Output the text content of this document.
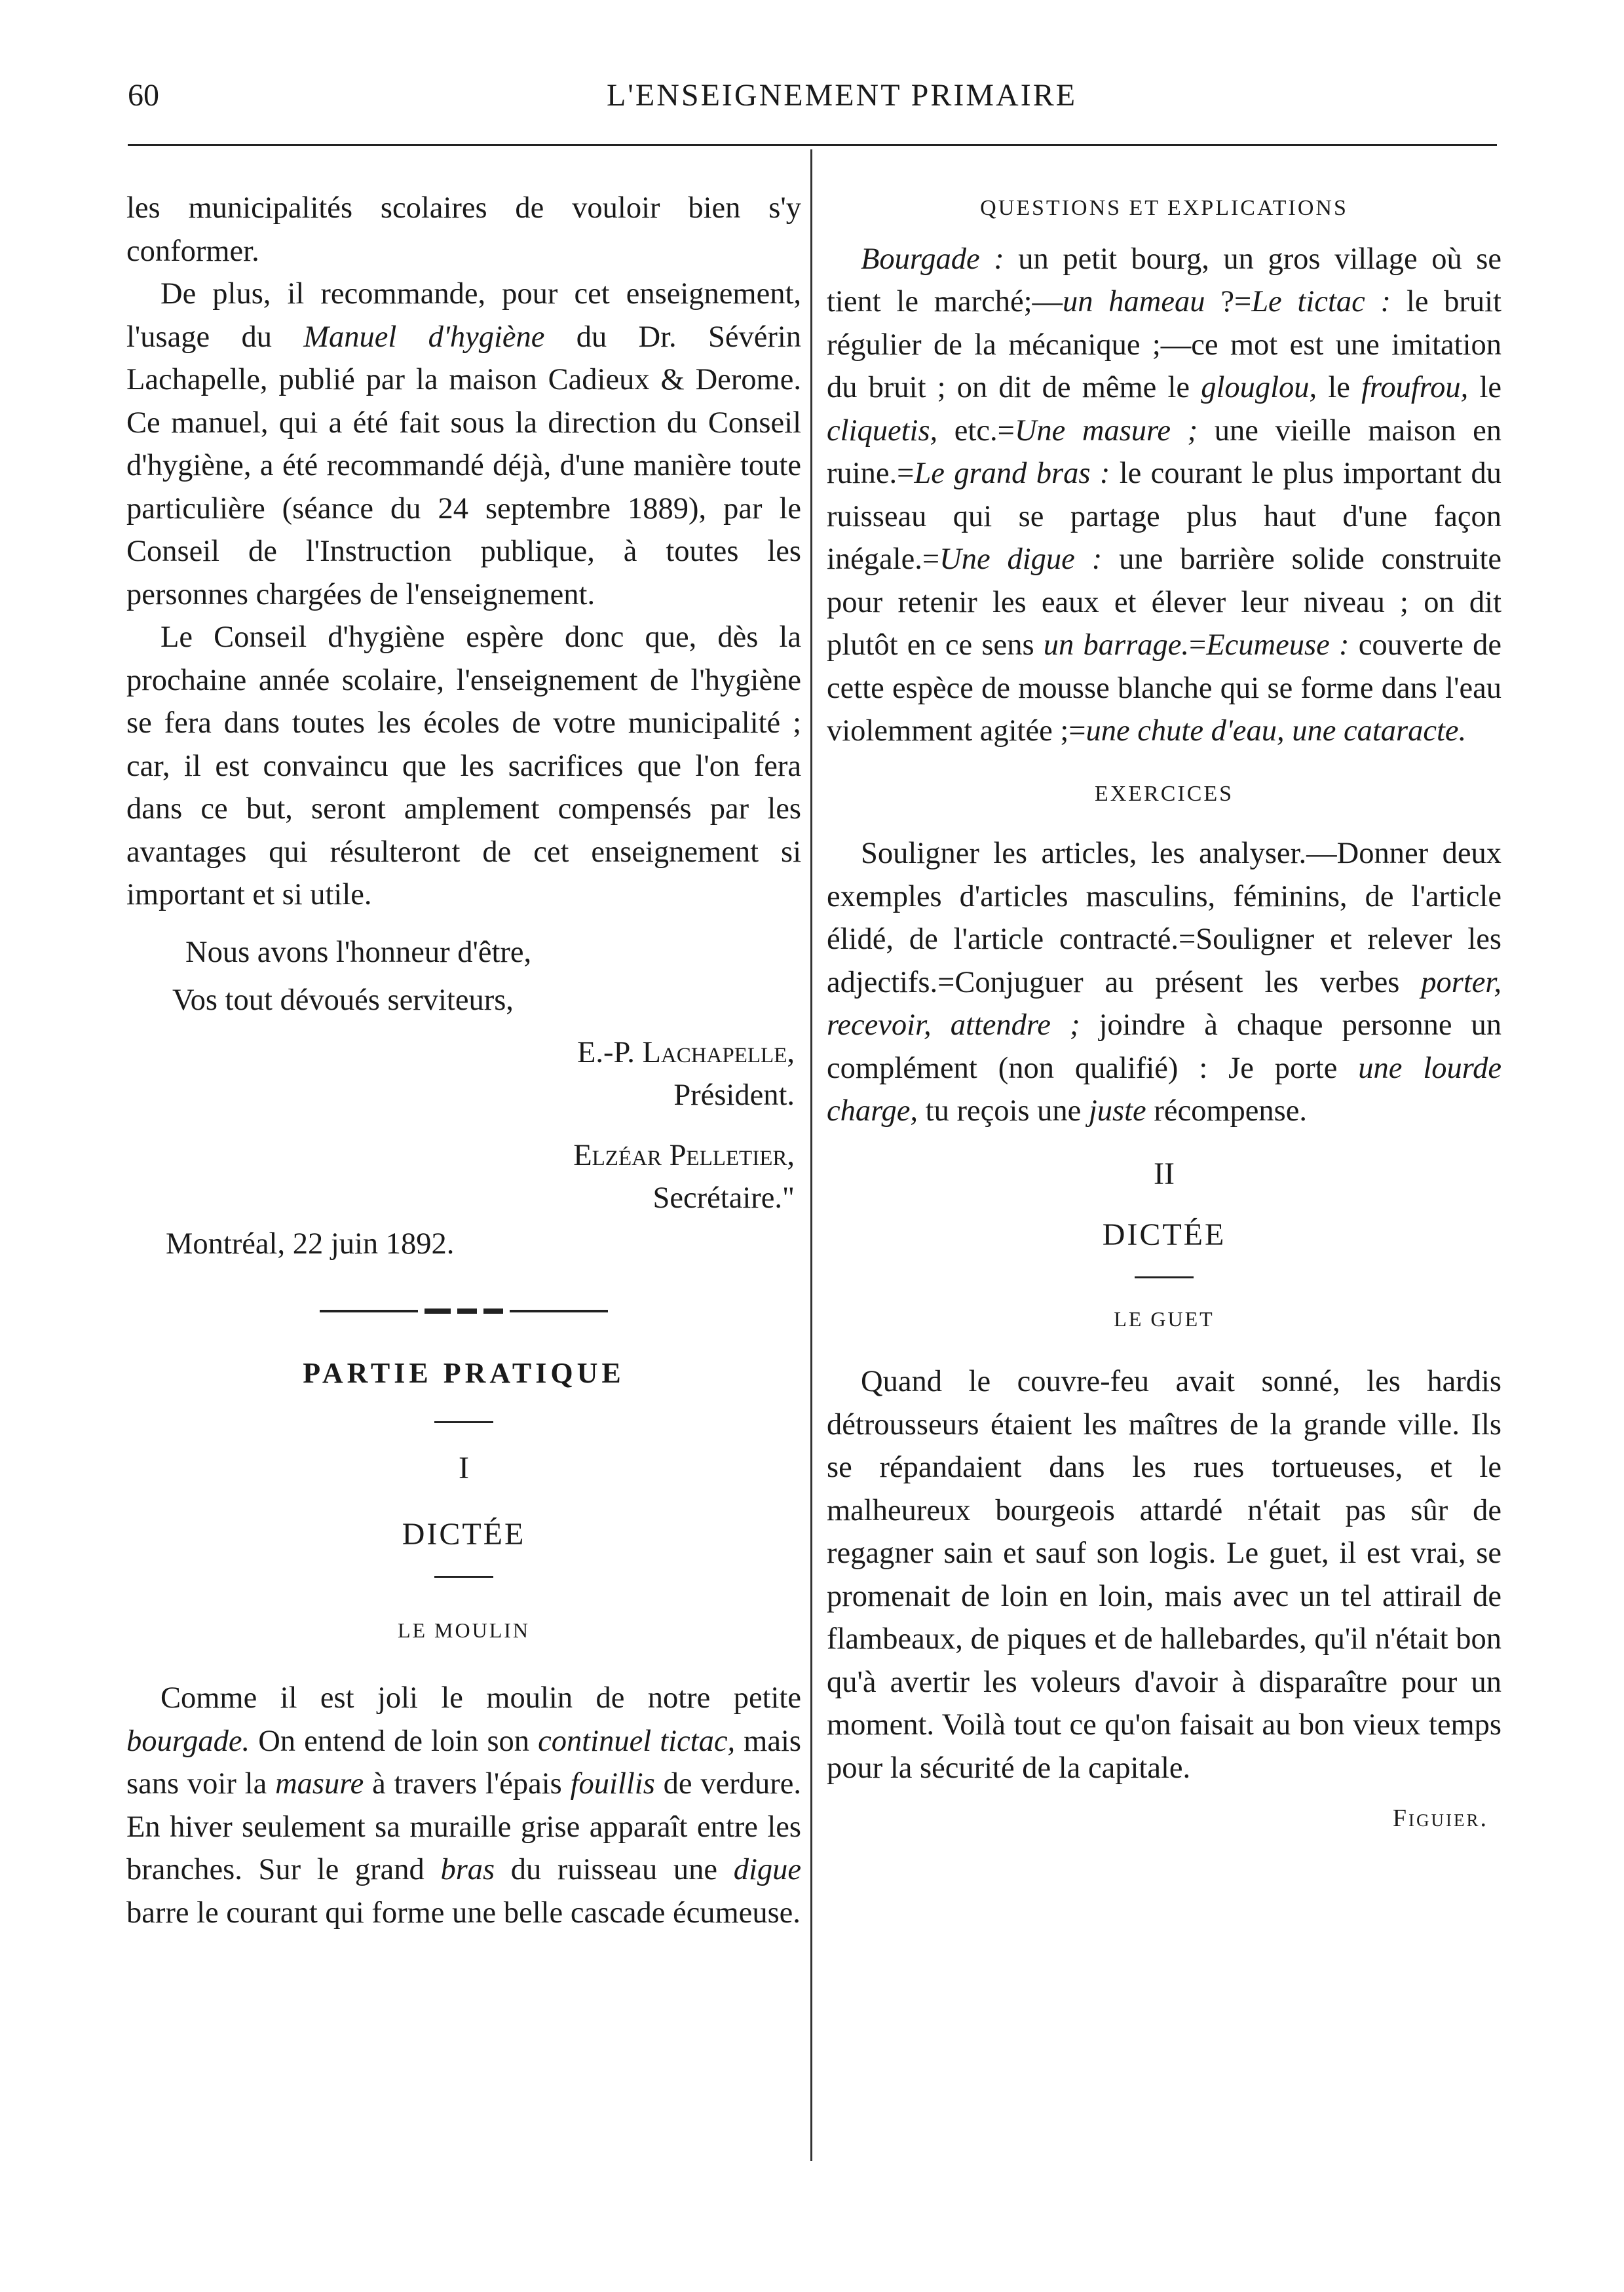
60	L'ENSEIGNEMENT PRIMAIRE

les municipalités scolaires de vouloir bien s'y conformer.

De plus, il recommande, pour cet enseignement, l'usage du Manuel d'hygiène du Dr. Sévérin Lachapelle, publié par la maison Cadieux & Derome. Ce manuel, qui a été fait sous la direction du Conseil d'hygiène, a été recommandé déjà, d'une manière toute particulière (séance du 24 septembre 1889), par le Conseil de l'Instruction publique, à toutes les personnes chargées de l'enseignement.

Le Conseil d'hygiène espère donc que, dès la prochaine année scolaire, l'enseignement de l'hygiène se fera dans toutes les écoles de votre municipalité ; car, il est convaincu que les sacrifices que l'on fera dans ce but, seront amplement compensés par les avantages qui résulteront de cet enseignement si important et si utile.

Nous avons l'honneur d'être,

Vos tout dévoués serviteurs,

E.-P. Lachapelle,

Président.

Elzéar Pelletier,

Secrétaire."

Montréal, 22 juin 1892.

PARTIE PRATIQUE

I

DICTÉE

LE MOULIN

Comme il est joli le moulin de notre petite bourgade. On entend de loin son continuel tictac, mais sans voir la masure à travers l'épais fouillis de verdure. En hiver seulement sa muraille grise apparaît entre les branches. Sur le grand bras du ruisseau une digue barre le courant qui forme une belle cascade écumeuse.

QUESTIONS ET EXPLICATIONS

Bourgade : un petit bourg, un gros village où se tient le marché;—un hameau ?=Le tictac : le bruit régulier de la mécanique ;—ce mot est une imitation du bruit ; on dit de même le glouglou, le froufrou, le cliquetis, etc.=Une masure ; une vieille maison en ruine.=Le grand bras : le courant le plus important du ruisseau qui se partage plus haut d'une façon inégale.=Une digue : une barrière solide construite pour retenir les eaux et élever leur niveau ; on dit plutôt en ce sens un barrage.=Ecumeuse : couverte de cette espèce de mousse blanche qui se forme dans l'eau violemment agitée ;=une chute d'eau, une cataracte.

EXERCICES

Souligner les articles, les analyser.—Donner deux exemples d'articles masculins, féminins, de l'article élidé, de l'article contracté.=Souligner et relever les adjectifs.=Conjuguer au présent les verbes porter, recevoir, attendre ; joindre à chaque personne un complément (non qualifié) : Je porte une lourde charge, tu reçois une juste récompense.

II

DICTÉE

LE GUET

Quand le couvre-feu avait sonné, les hardis détrousseurs étaient les maîtres de la grande ville. Ils se répandaient dans les rues tortueuses, et le malheureux bourgeois attardé n'était pas sûr de regagner sain et sauf son logis. Le guet, il est vrai, se promenait de loin en loin, mais avec un tel attirail de flambeaux, de piques et de hallebardes, qu'il n'était bon qu'à avertir les voleurs d'avoir à disparaître pour un moment. Voilà tout ce qu'on faisait au bon vieux temps pour la sécurité de la capitale.

Figuier.
